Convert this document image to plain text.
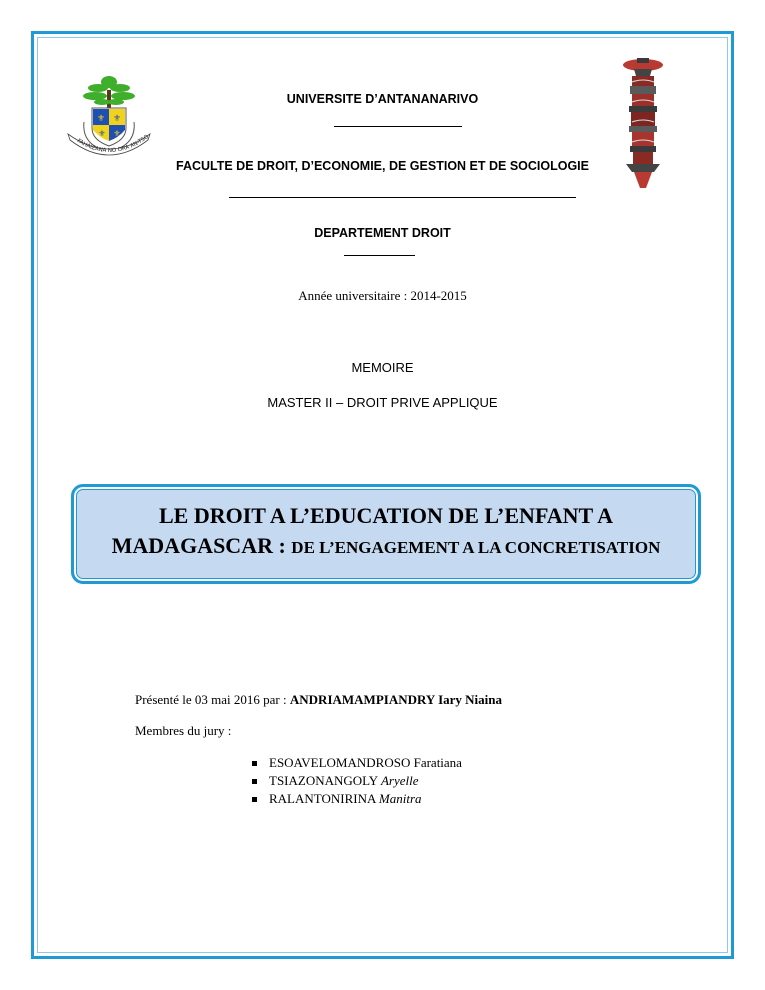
⚜ ⚜
⚜ ⚜
FAHAIZANA NO ORA AN-TSO
UNIVERSITE D’ANTANANARIVO
FACULTE DE DROIT, D’ECONOMIE, DE GESTION ET DE SOCIOLOGIE
DEPARTEMENT DROIT
Année universitaire : 2014-2015
MEMOIRE
MASTER II – DROIT PRIVE APPLIQUE
LE DROIT A L’EDUCATION DE L’ENFANT A
MADAGASCAR : DE L’ENGAGEMENT A LA CONCRETISATION
Présenté le 03 mai 2016 par : ANDRIAMAMPIANDRY Iary Niaina
Membres du jury :
ESOAVELOMANDROSO Faratiana
TSIAZONANGOLY Aryelle
RALANTONIRINA Manitra
